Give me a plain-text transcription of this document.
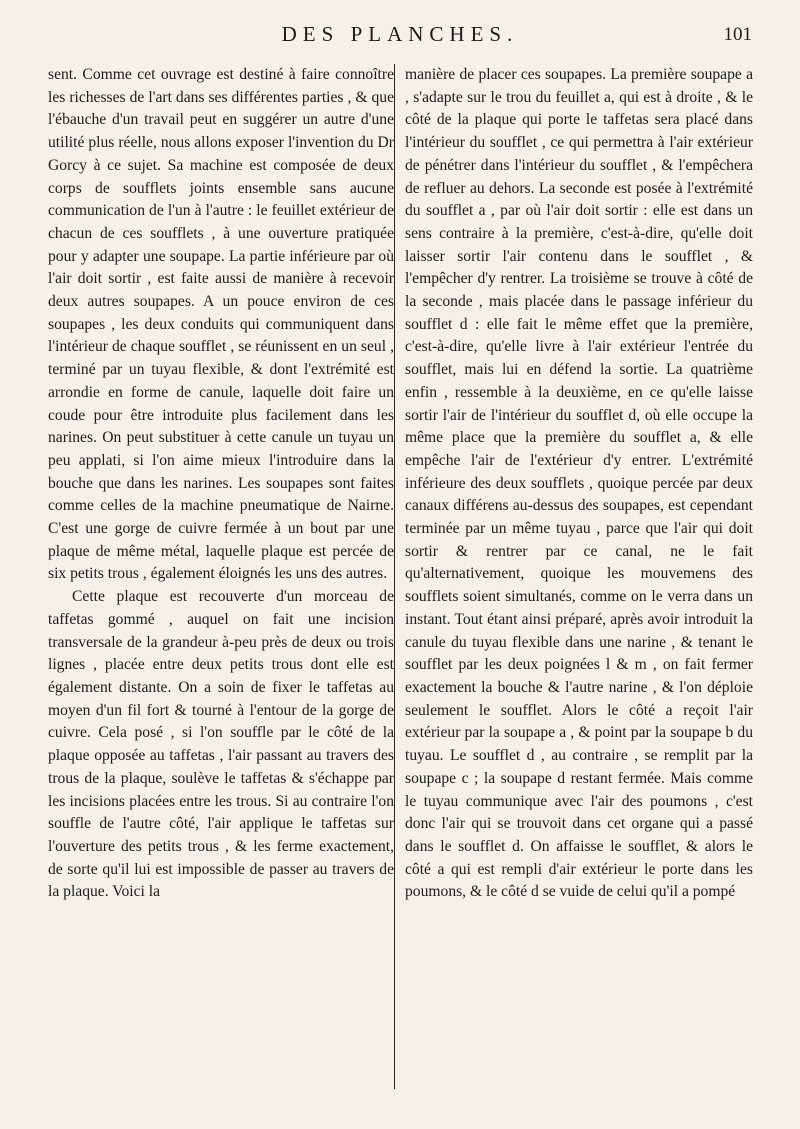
DES PLANCHES.	101

sent. Comme cet ouvrage est destiné à faire connoître les richesses de l'art dans ses différentes parties , & que l'ébauche d'un travail peut en suggérer un autre d'une utilité plus réelle, nous allons exposer l'invention du Dr Gorcy à ce sujet. Sa machine est composée de deux corps de soufflets joints ensemble sans aucune communication de l'un à l'autre : le feuillet extérieur de chacun de ces soufflets , à une ouverture pratiquée pour y adapter une soupape. La partie inférieure par où l'air doit sortir , est faite aussi de manière à recevoir deux autres soupapes. A un pouce environ de ces soupapes , les deux conduits qui communiquent dans l'intérieur de chaque soufflet , se réunissent en un seul , terminé par un tuyau flexible, & dont l'extrémité est arrondie en forme de canule, laquelle doit faire un coude pour être introduite plus facilement dans les narines. On peut substituer à cette canule un tuyau un peu applati, si l'on aime mieux l'introduire dans la bouche que dans les narines. Les soupapes sont faites comme celles de la machine pneumatique de Nairne. C'est une gorge de cuivre fermée à un bout par une plaque de même métal, laquelle plaque est percée de six petits trous , également éloignés les uns des autres.

Cette plaque est recouverte d'un morceau de taffetas gommé , auquel on fait une incision transversale de la grandeur à-peu près de deux ou trois lignes , placée entre deux petits trous dont elle est également distante. On a soin de fixer le taffetas au moyen d'un fil fort & tourné à l'entour de la gorge de cuivre. Cela posé , si l'on souffle par le côté de la plaque opposée au taffetas , l'air passant au travers des trous de la plaque, soulève le taffetas & s'échappe par les incisions placées entre les trous. Si au contraire l'on souffle de l'autre côté, l'air applique le taffetas sur l'ouverture des petits trous , & les ferme exactement, de sorte qu'il lui est impossible de passer au travers de la plaque. Voici la

manière de placer ces soupapes. La première soupape a , s'adapte sur le trou du feuillet a, qui est à droite , & le côté de la plaque qui porte le taffetas sera placé dans l'intérieur du soufflet , ce qui permettra à l'air extérieur de pénétrer dans l'intérieur du soufflet , & l'empêchera de refluer au dehors. La seconde est posée à l'extrémité du soufflet a , par où l'air doit sortir : elle est dans un sens contraire à la première, c'est-à-dire, qu'elle doit laisser sortir l'air contenu dans le soufflet , & l'empêcher d'y rentrer. La troisième se trouve à côté de la seconde , mais placée dans le passage inférieur du soufflet d : elle fait le même effet que la première, c'est-à-dire, qu'elle livre à l'air extérieur l'entrée du soufflet, mais lui en défend la sortie. La quatrième enfin , ressemble à la deuxième, en ce qu'elle laisse sortir l'air de l'intérieur du soufflet d, où elle occupe la même place que la première du soufflet a, & elle empêche l'air de l'extérieur d'y entrer. L'extrémité inférieure des deux soufflets , quoique percée par deux canaux différens au-dessus des soupapes, est cependant terminée par un même tuyau , parce que l'air qui doit sortir & rentrer par ce canal, ne le fait qu'alternativement, quoique les mouvemens des soufflets soient simultanés, comme on le verra dans un instant. Tout étant ainsi préparé, après avoir introduit la canule du tuyau flexible dans une narine , & tenant le soufflet par les deux poignées l & m , on fait fermer exactement la bouche & l'autre narine , & l'on déploie seulement le soufflet. Alors le côté a reçoit l'air extérieur par la soupape a , & point par la soupape b du tuyau. Le soufflet d , au contraire , se remplit par la soupape c ; la soupape d restant fermée. Mais comme le tuyau communique avec l'air des poumons , c'est donc l'air qui se trouvoit dans cet organe qui a passé dans le soufflet d. On affaisse le soufflet, & alors le côté a qui est rempli d'air extérieur le porte dans les poumons, & le côté d se vuide de celui qu'il a pompé
